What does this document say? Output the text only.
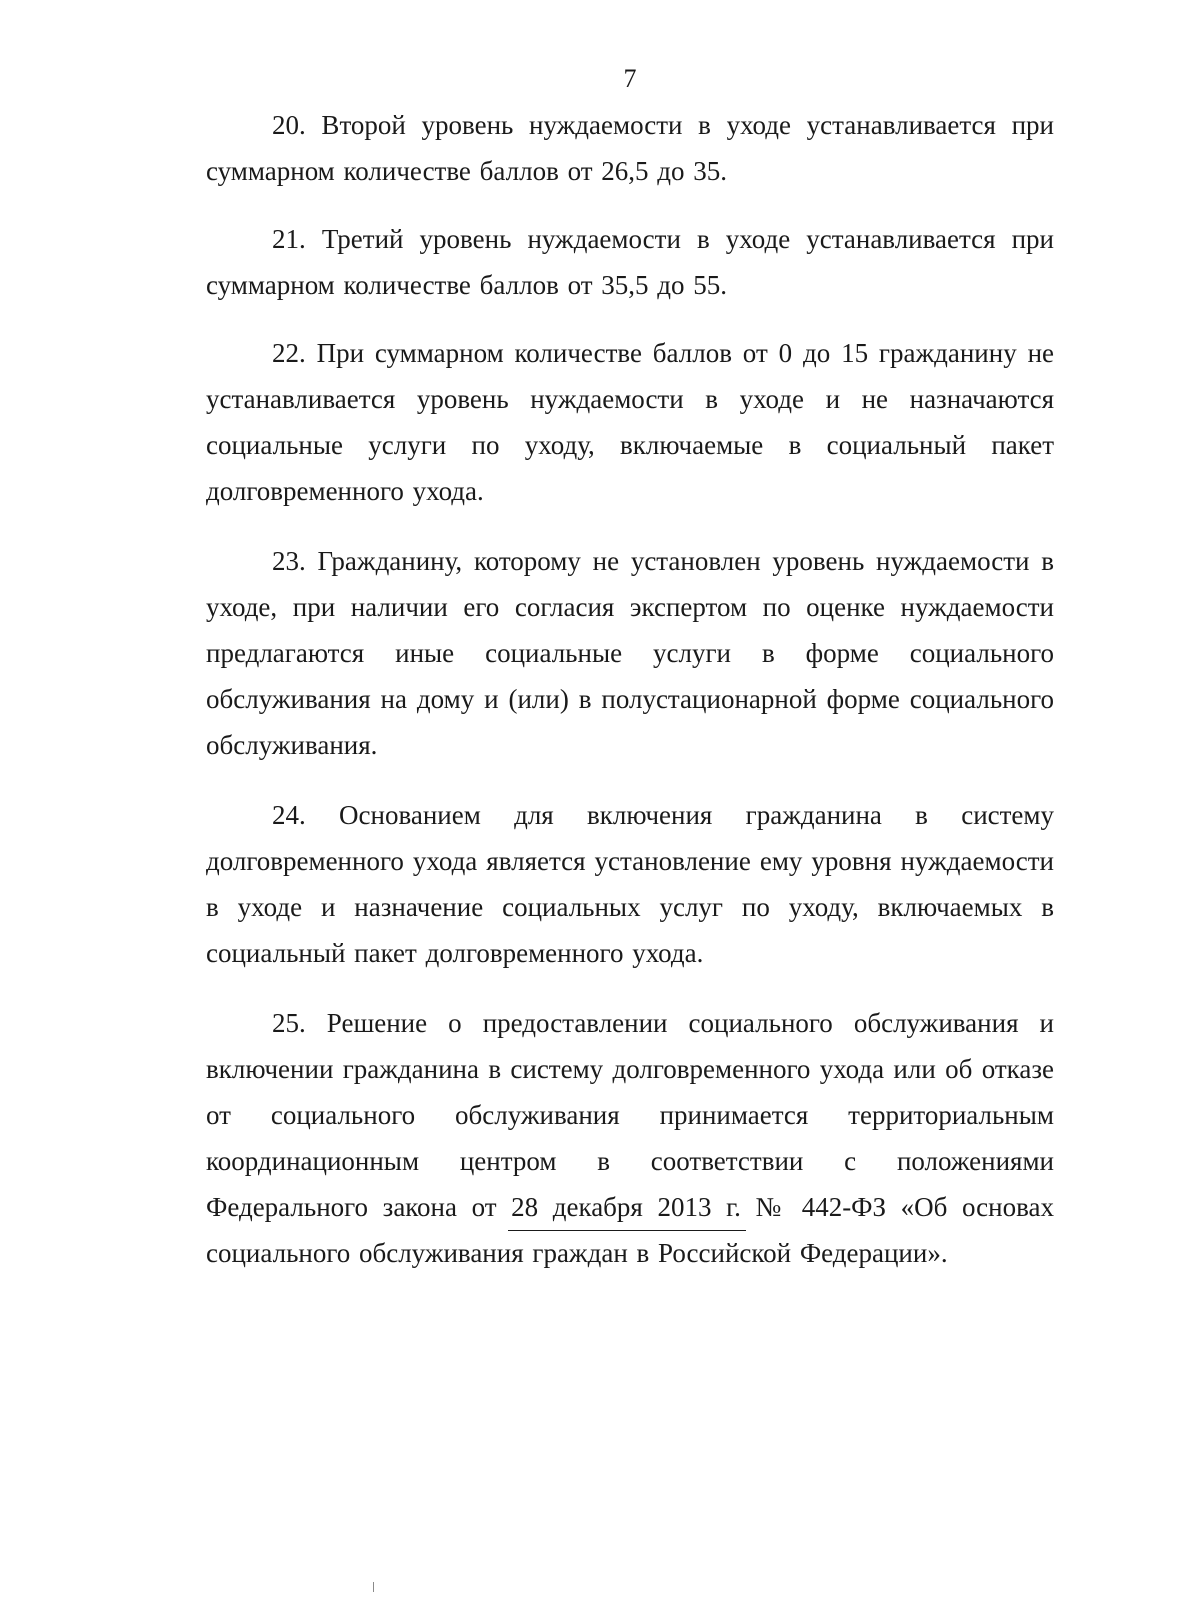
7

20. Второй уровень нуждаемости в уходе устанавливается при суммарном количестве баллов от 26,5 до 35.

21. Третий уровень нуждаемости в уходе устанавливается при суммарном количестве баллов от 35,5 до 55.

22. При суммарном количестве баллов от 0 до 15 гражданину не устанавливается уровень нуждаемости в уходе и не назначаются социальные услуги по уходу, включаемые в социальный пакет долговременного ухода.

23. Гражданину, которому не установлен уровень нуждаемости в уходе, при наличии его согласия экспертом по оценке нуждаемости предлагаются иные социальные услуги в форме социального обслуживания на дому и (или) в полустационарной форме социального обслуживания.

24. Основанием для включения гражданина в систему долговременного ухода является установление ему уровня нуждаемости в уходе и назначение социальных услуг по уходу, включаемых в социальный пакет долговременного ухода.

25. Решение о предоставлении социального обслуживания и включении гражданина в систему долговременного ухода или об отказе от социального обслуживания принимается территориальным координационным центром в соответствии с положениями Федерального закона от 28 декабря 2013 г. № 442-ФЗ «Об основах социального обслуживания граждан в Российской Федерации».
